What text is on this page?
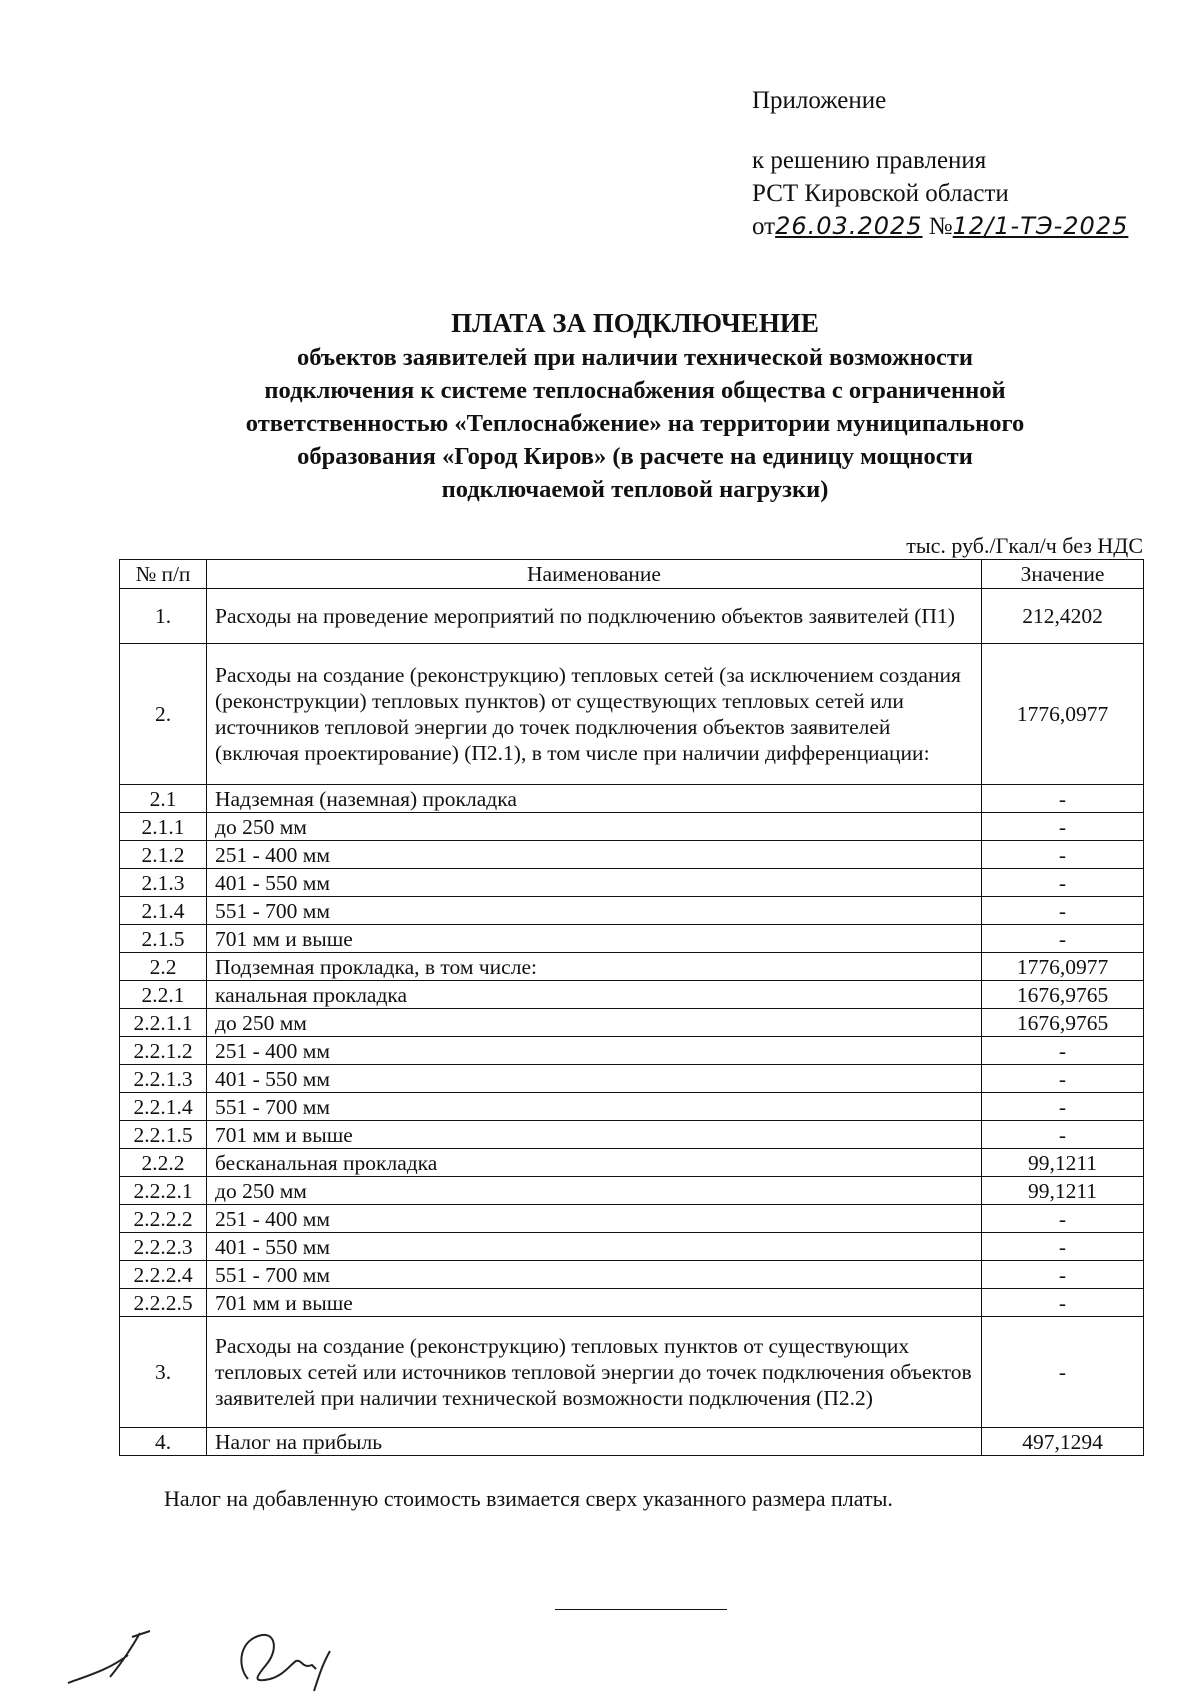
Приложение
к решению правления
РСТ Кировской области
от26.03.2025 №12/1-ТЭ-2025
ПЛАТА ЗА ПОДКЛЮЧЕНИЕ
объектов заявителей при наличии технической возможности
подключения к системе теплоснабжения общества с ограниченной
ответственностью «Теплоснабжение» на территории муниципального
образования «Город Киров» (в расчете на единицу мощности
подключаемой тепловой нагрузки)
тыс. руб./Гкал/ч без НДС
№ п/п	Наименование	Значение
1.	Расходы на проведение мероприятий по подключению объектов заявителей (П1)	212,4202
2.	Расходы на создание (реконструкцию) тепловых сетей (за исключением создания (реконструкции) тепловых пунктов) от существующих тепловых сетей или источников тепловой энергии до точек подключения объектов заявителей (включая проектирование) (П2.1), в том числе при наличии дифференциации:	1776,0977
2.1	Надземная (наземная) прокладка	-
2.1.1	до 250 мм	-
2.1.2	251 - 400 мм	-
2.1.3	401 - 550 мм	-
2.1.4	551 - 700 мм	-
2.1.5	701 мм и выше	-
2.2	Подземная прокладка, в том числе:	1776,0977
2.2.1	канальная прокладка	1676,9765
2.2.1.1	до 250 мм	1676,9765
2.2.1.2	251 - 400 мм	-
2.2.1.3	401 - 550 мм	-
2.2.1.4	551 - 700 мм	-
2.2.1.5	701 мм и выше	-
2.2.2	бесканальная прокладка	99,1211
2.2.2.1	до 250 мм	99,1211
2.2.2.2	251 - 400 мм	-
2.2.2.3	401 - 550 мм	-
2.2.2.4	551 - 700 мм	-
2.2.2.5	701 мм и выше	-
3.	Расходы на создание (реконструкцию) тепловых пунктов от существующих тепловых сетей или источников тепловой энергии до точек подключения объектов заявителей при наличии технической возможности подключения (П2.2)	-
4.	Налог на прибыль	497,1294
Налог на добавленную стоимость взимается сверх указанного размера платы.
